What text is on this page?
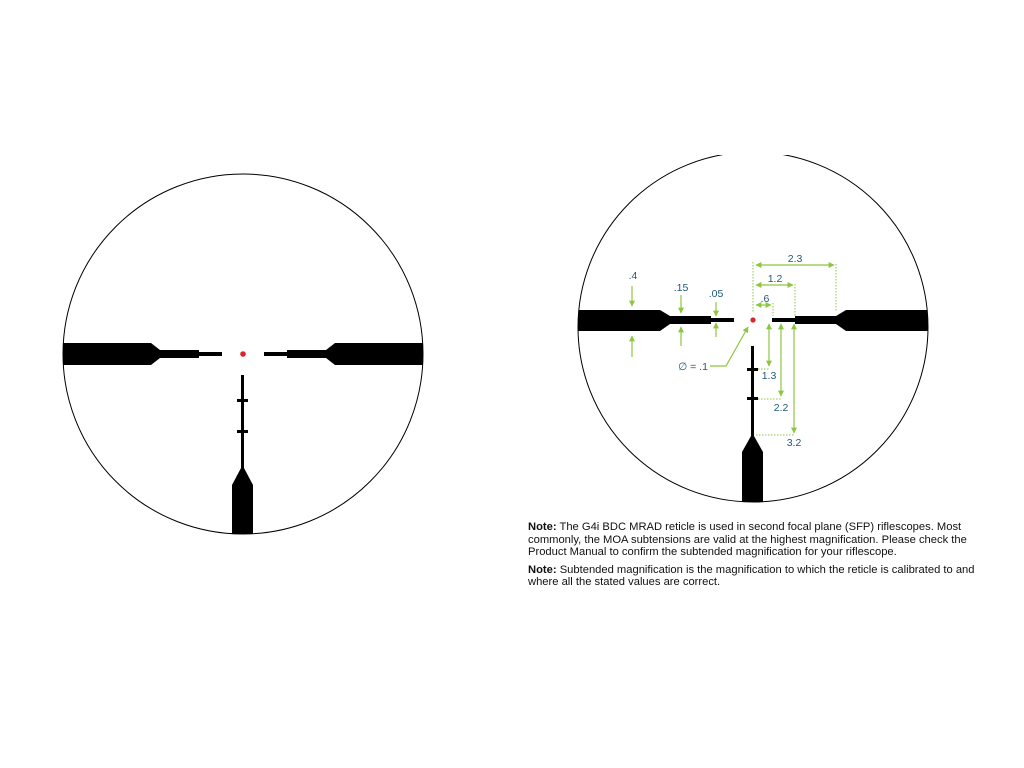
.4
.15 .05	.6
1.2
2.3
1.3
2.2
3.2
∅ = .1

Note: The G4i BDC MRAD reticle is used in second focal plane (SFP) riflescopes. Most commonly, the MOA subtensions are valid at the highest magnification. Please check the Product Manual to confirm the subtended magnification for your riflescope.

Note: Subtended magnification is the magnification to which the reticle is calibrated to and where all the stated values are correct.
